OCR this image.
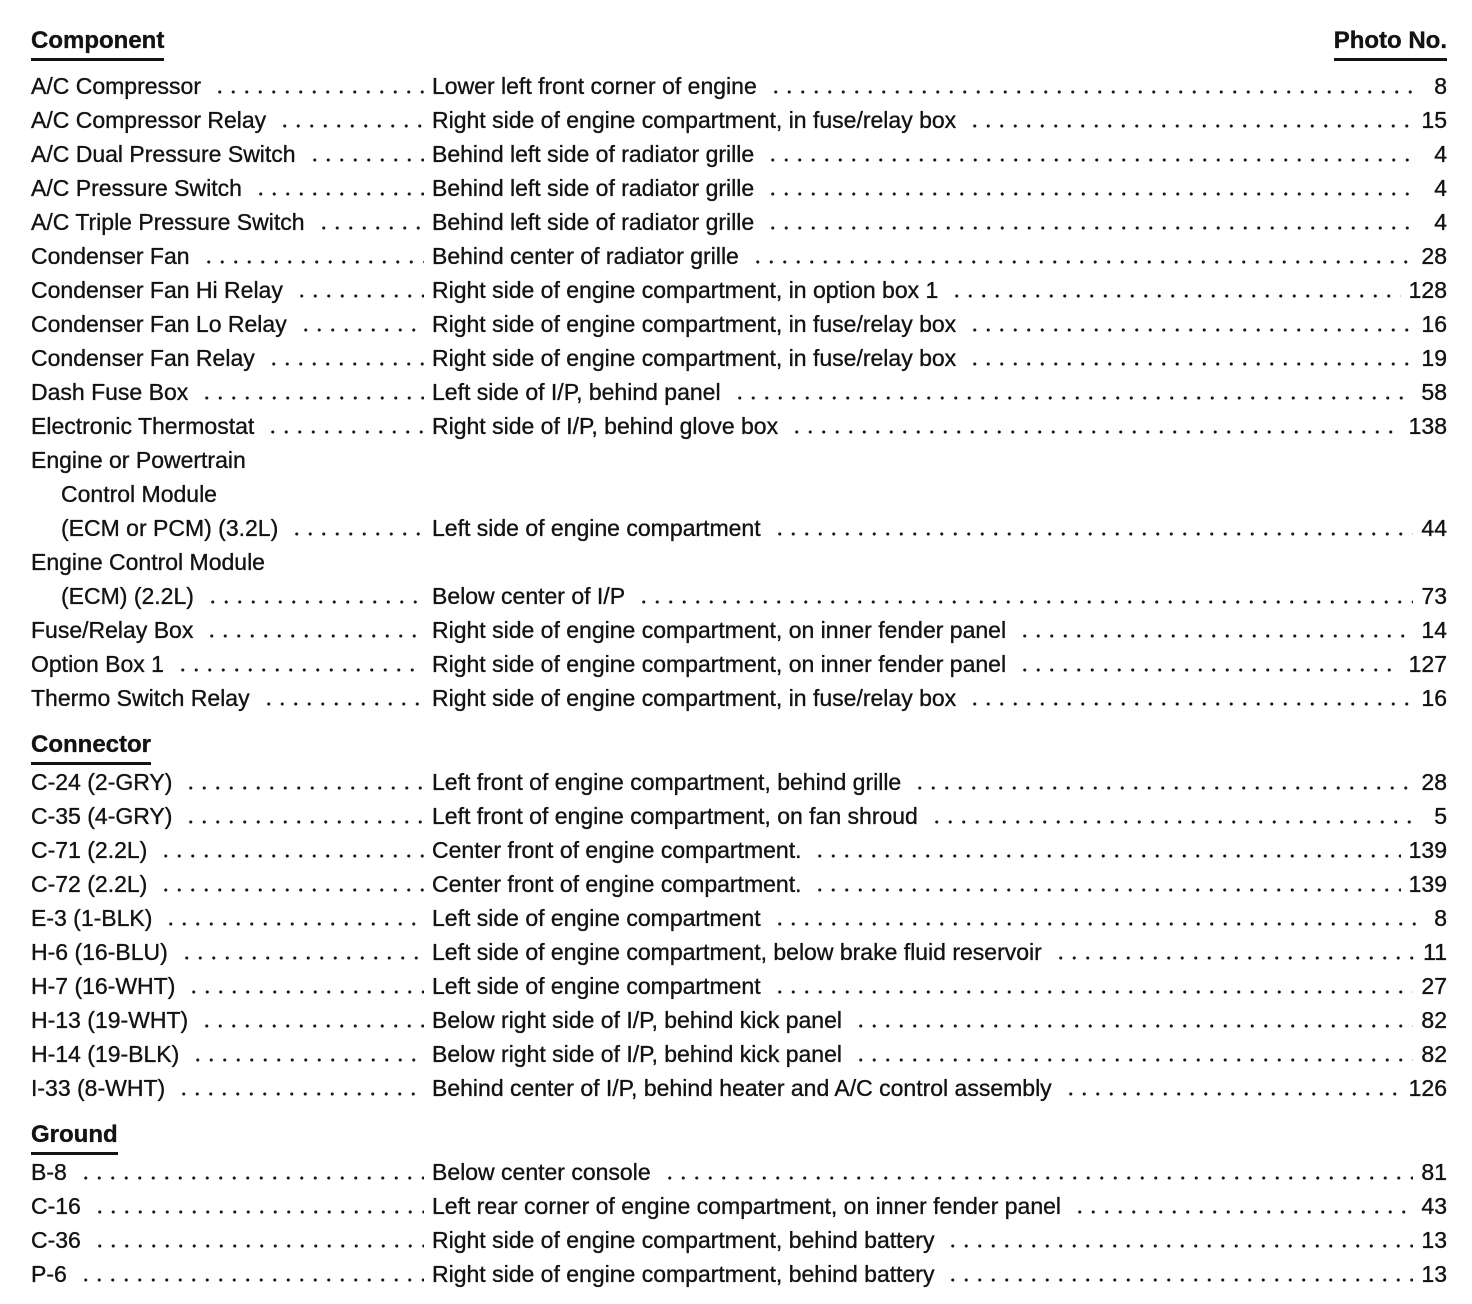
Component	Photo No.
A/C Compressor	Lower left front corner of engine	8
A/C Compressor Relay	Right side of engine compartment, in fuse/relay box	15
A/C Dual Pressure Switch	Behind left side of radiator grille	4
A/C Pressure Switch	Behind left side of radiator grille	4
A/C Triple Pressure Switch	Behind left side of radiator grille	4
Condenser Fan	Behind center of radiator grille	28
Condenser Fan Hi Relay	Right side of engine compartment, in option box 1	128
Condenser Fan Lo Relay	Right side of engine compartment, in fuse/relay box	16
Condenser Fan Relay	Right side of engine compartment, in fuse/relay box	19
Dash Fuse Box	Left side of I/P, behind panel	58
Electronic Thermostat	Right side of I/P, behind glove box	138
Engine or Powertrain
Control Module
(ECM or PCM) (3.2L)	Left side of engine compartment	44
Engine Control Module
(ECM) (2.2L)	Below center of I/P	73
Fuse/Relay Box	Right side of engine compartment, on inner fender panel	14
Option Box 1	Right side of engine compartment, on inner fender panel	127
Thermo Switch Relay	Right side of engine compartment, in fuse/relay box	16
Connector
C-24 (2-GRY)	Left front of engine compartment, behind grille	28
C-35 (4-GRY)	Left front of engine compartment, on fan shroud	5
C-71 (2.2L)	Center front of engine compartment.	139
C-72 (2.2L)	Center front of engine compartment.	139
E-3 (1-BLK)	Left side of engine compartment	8
H-6 (16-BLU)	Left side of engine compartment, below brake fluid reservoir	11
H-7 (16-WHT)	Left side of engine compartment	27
H-13 (19-WHT)	Below right side of I/P, behind kick panel	82
H-14 (19-BLK)	Below right side of I/P, behind kick panel	82
I-33 (8-WHT)	Behind center of I/P, behind heater and A/C control assembly	126
Ground
B-8	Below center console	81
C-16	Left rear corner of engine compartment, on inner fender panel	43
C-36	Right side of engine compartment, behind battery	13
P-6	Right side of engine compartment, behind battery	13
